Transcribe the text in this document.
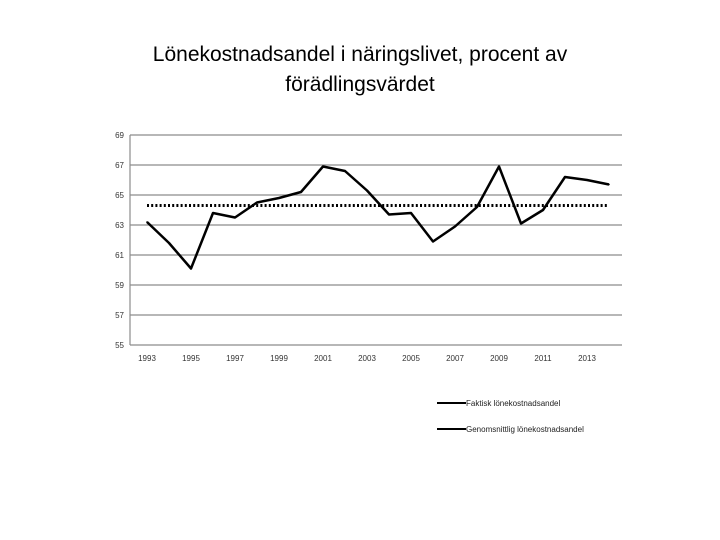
Lönekostnadsandel i näringslivet, procent av
förädlingsvärdet
55
57
59
61
63
65
67
69
1993	1995	1997	1999	2001	2003	2005	2007	2009	2011	2013
Faktisk lönekostnadsandel
Genomsnittlig lönekostnadsandel
